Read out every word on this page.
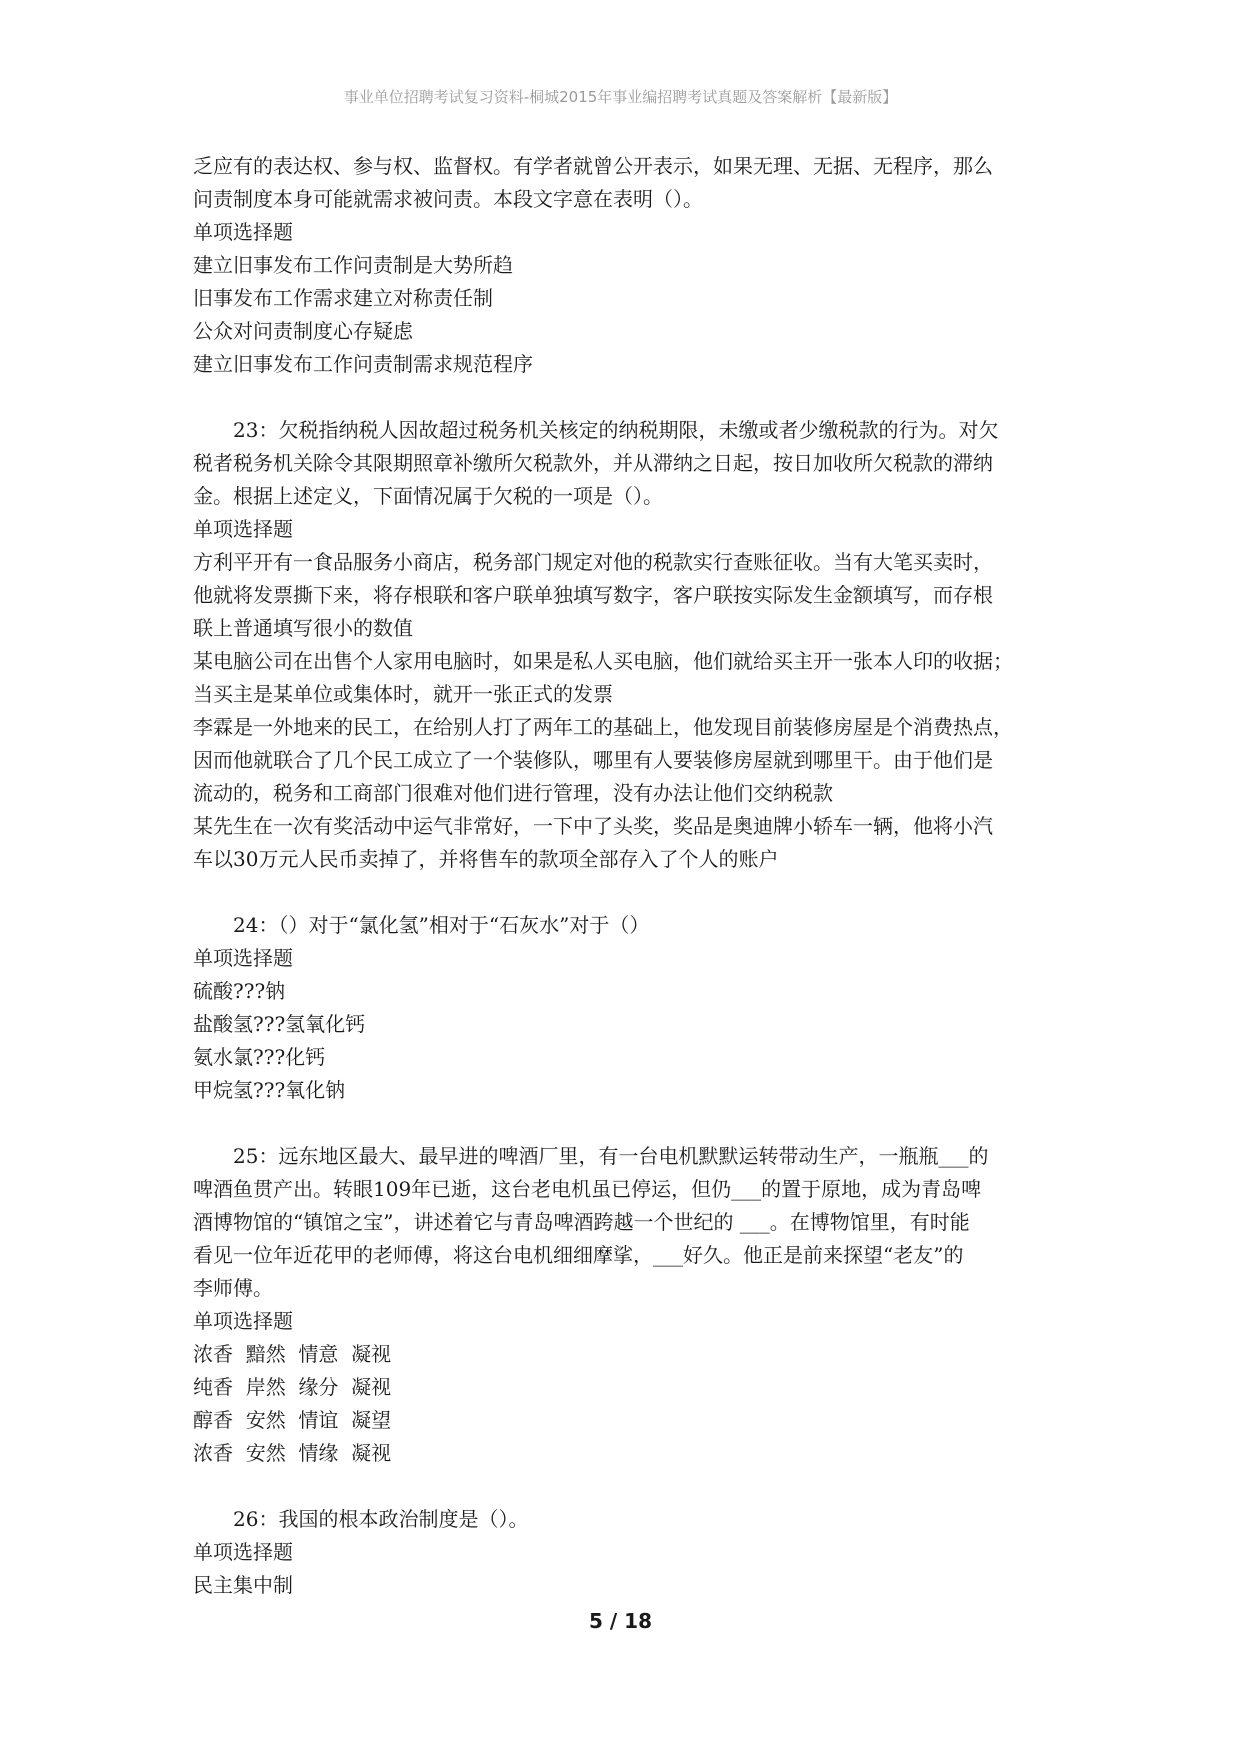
事业单位招聘考试复习资料-桐城2015年事业编招聘考试真题及答案解析【最新版】
乏应有的表达权、参与权、监督权。有学者就曾公开表示，如果无理、无据、无程序，那么
问责制度本身可能就需求被问责。本段文字意在表明（）。
单项选择题
建立旧事发布工作问责制是大势所趋
旧事发布工作需求建立对称责任制
公众对问责制度心存疑虑
建立旧事发布工作问责制需求规范程序
23：欠税指纳税人因故超过税务机关核定的纳税期限，未缴或者少缴税款的行为。对欠
税者税务机关除令其限期照章补缴所欠税款外，并从滞纳之日起，按日加收所欠税款的滞纳
金。根据上述定义，下面情况属于欠税的一项是（）。
单项选择题
方利平开有一食品服务小商店，税务部门规定对他的税款实行查账征收。当有大笔买卖时，
他就将发票撕下来，将存根联和客户联单独填写数字，客户联按实际发生金额填写，而存根
联上普通填写很小的数值
某电脑公司在出售个人家用电脑时，如果是私人买电脑，他们就给买主开一张本人印的收据；
当买主是某单位或集体时，就开一张正式的发票
李霖是一外地来的民工，在给别人打了两年工的基础上，他发现目前装修房屋是个消费热点，
因而他就联合了几个民工成立了一个装修队，哪里有人要装修房屋就到哪里干。由于他们是
流动的，税务和工商部门很难对他们进行管理，没有办法让他们交纳税款
某先生在一次有奖活动中运气非常好，一下中了头奖，奖品是奥迪牌小轿车一辆，他将小汽
车以30万元人民币卖掉了，并将售车的款项全部存入了个人的账户
24：（）对于“氯化氢”相对于“石灰水”对于（）
单项选择题
硫酸???钠
盐酸氢???氢氧化钙
氨水氯???化钙
甲烷氢???氧化钠
25：远东地区最大、最早进的啤酒厂里，有一台电机默默运转带动生产，一瓶瓶___的
啤酒鱼贯产出。转眼109年已逝，这台老电机虽已停运，但仍___的置于原地，成为青岛啤
酒博物馆的“镇馆之宝”，讲述着它与青岛啤酒跨越一个世纪的 ___。在博物馆里，有时能
看见一位年近花甲的老师傅，将这台电机细细摩挲，___好久。他正是前来探望“老友”的
李师傅。
单项选择题
浓香  黯然  情意  凝视
纯香  岸然  缘分  凝视
醇香  安然  情谊  凝望
浓香  安然  情缘  凝视
26：我国的根本政治制度是（）。
单项选择题
民主集中制
5 / 18
